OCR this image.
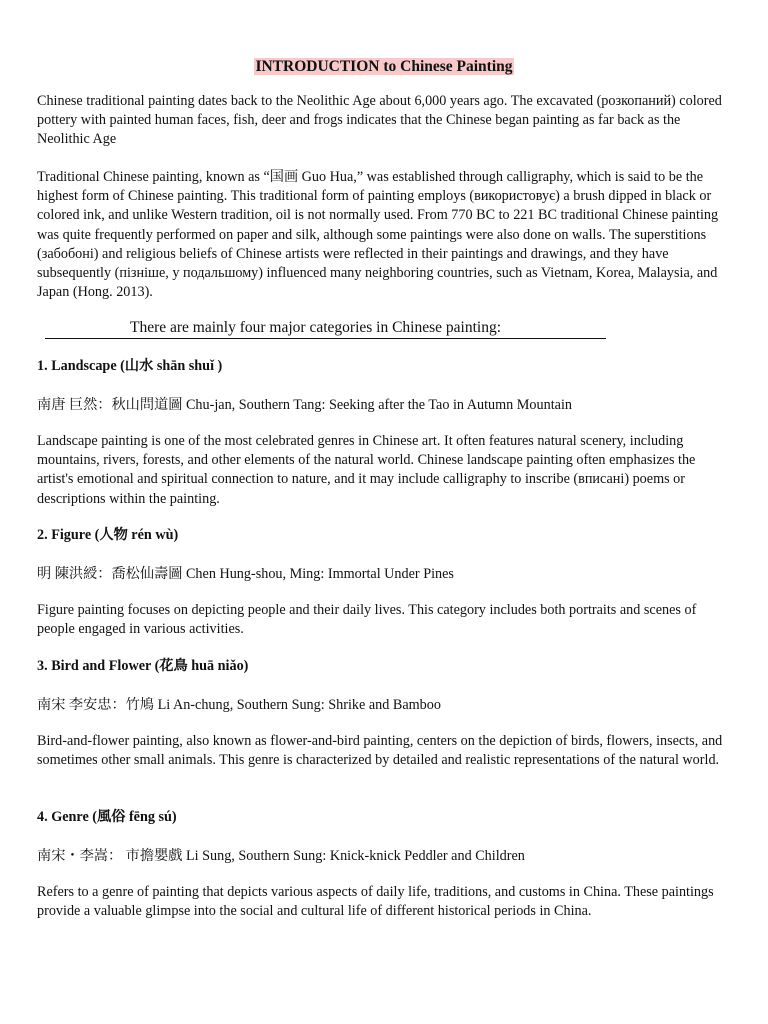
INTRODUCTION to Chinese Painting

Chinese traditional painting dates back to the Neolithic Age about 6,000 years ago. The excavated (розкопаний) colored pottery with painted human faces, fish, deer and frogs indicates that the Chinese began painting as far back as the Neolithic Age

Traditional Chinese painting, known as “国画 Guo Hua,” was established through calligraphy, which is said to be the highest form of Chinese painting. This traditional form of painting employs (використовує) a brush dipped in black or colored ink, and unlike Western tradition, oil is not normally used. From 770 BC to 221 BC traditional Chinese painting was quite frequently performed on paper and silk, although some paintings were also done on walls. The superstitions (забобоні) and religious beliefs of Chinese artists were reflected in their paintings and drawings, and they have subsequently (пізніше, у подальшому) influenced many neighboring countries, such as Vietnam, Korea, Malaysia, and Japan (Hong. 2013).

There are mainly four major categories in Chinese painting:

1. Landscape (山水 shān shuǐ )

南唐 巨然：秋山問道圖 Chu-jan, Southern Tang: Seeking after the Tao in Autumn Mountain

Landscape painting is one of the most celebrated genres in Chinese art. It often features natural scenery, including mountains, rivers, forests, and other elements of the natural world. Chinese landscape painting often emphasizes the artist's emotional and spiritual connection to nature, and it may include calligraphy to inscribe (вписані) poems or descriptions within the painting.

2. Figure (人物 rén wù)

明 陳洪綬：喬松仙壽圖 Chen Hung-shou, Ming: Immortal Under Pines

Figure painting focuses on depicting people and their daily lives. This category includes both portraits and scenes of people engaged in various activities.

3. Bird and Flower (花鳥 huā niǎo)

南宋 李安忠：竹鳩 Li An-chung, Southern Sung: Shrike and Bamboo

Bird-and-flower painting, also known as flower-and-bird painting, centers on the depiction of birds, flowers, insects, and sometimes other small animals. This genre is characterized by detailed and realistic representations of the natural world.

4. Genre (風俗 fēng sú)

南宋・李嵩： 市擔嬰戲 Li Sung, Southern Sung: Knick-knick Peddler and Children

Refers to a genre of painting that depicts various aspects of daily life, traditions, and customs in China. These paintings provide a valuable glimpse into the social and cultural life of different historical periods in China.
